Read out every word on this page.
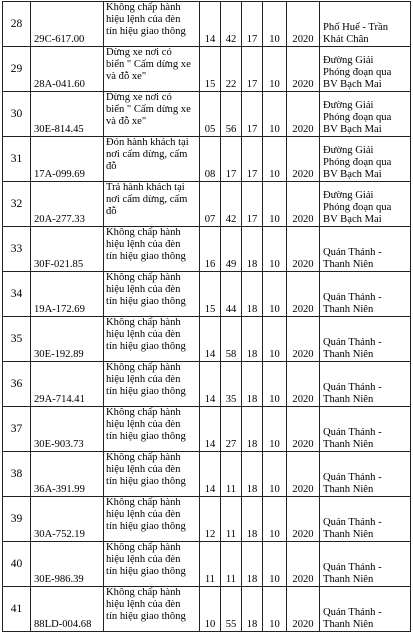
28	29C-617.00	Không chấp hành
hiệu lệnh của đèn
tín hiệu giao thông	14	42	17	10	2020	Phố Huế - Trần
Khát Chân

29	28A-041.60	Dừng xe nơi có
biển " Cấm dừng xe
và đỗ xe"	15	22	17	10	2020	Đường Giải
Phóng đoạn qua
BV Bạch Mai

30	30E-814.45	Dừng xe nơi có
biển " Cấm dừng xe
và đỗ xe"	05	56	17	10	2020	Đường Giải
Phóng đoạn qua
BV Bạch Mai

31	17A-099.69	Đón hành khách tại
nơi cấm dừng, cấm
đỗ	08	17	17	10	2020	Đường Giải
Phóng đoạn qua
BV Bạch Mai

32	20A-277.33	Trả hành khách tại
nơi cấm dừng, cấm
đỗ	07	42	17	10	2020	Đường Giải
Phóng đoạn qua
BV Bạch Mai

33	30F-021.85	Không chấp hành
hiệu lệnh của đèn
tín hiệu giao thông	16	49	18	10	2020	Quán Thánh -
Thanh Niên

34	19A-172.69	Không chấp hành
hiệu lệnh của đèn
tín hiệu giao thông	15	44	18	10	2020	Quán Thánh -
Thanh Niên

35	30E-192.89	Không chấp hành
hiệu lệnh của đèn
tín hiệu giao thông	14	58	18	10	2020	Quán Thánh -
Thanh Niên

36	29A-714.41	Không chấp hành
hiệu lệnh của đèn
tín hiệu giao thông	14	35	18	10	2020	Quán Thánh -
Thanh Niên

37	30E-903.73	Không chấp hành
hiệu lệnh của đèn
tín hiệu giao thông	14	27	18	10	2020	Quán Thánh -
Thanh Niên

38	36A-391.99	Không chấp hành
hiệu lệnh của đèn
tín hiệu giao thông	14	11	18	10	2020	Quán Thánh -
Thanh Niên

39	30A-752.19	Không chấp hành
hiệu lệnh của đèn
tín hiệu giao thông	12	11	18	10	2020	Quán Thánh -
Thanh Niên

40	30E-986.39	Không chấp hành
hiệu lệnh của đèn
tín hiệu giao thông	11	11	18	10	2020	Quán Thánh -
Thanh Niên

41	88LD-004.68	Không chấp hành
hiệu lệnh của đèn
tín hiệu giao thông	10	55	18	10	2020	Quán Thánh -
Thanh Niên
